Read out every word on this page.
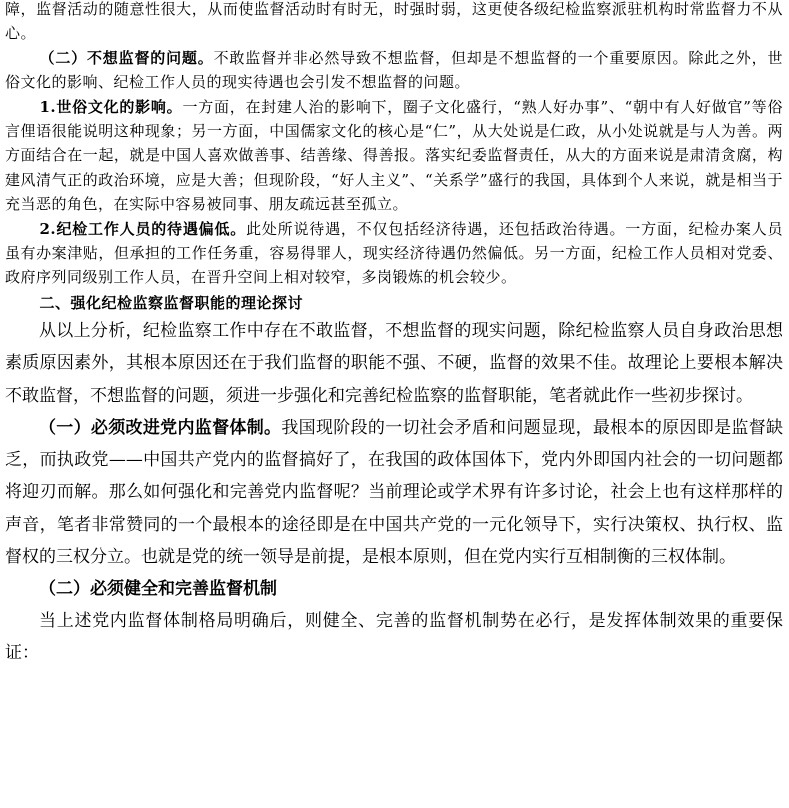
障，监督活动的随意性很大，从而使监督活动时有时无，时强时弱，这更使各级纪检监察派驻机构时常监督力不从心。

（二）不想监督的问题。不敢监督并非必然导致不想监督，但却是不想监督的一个重要原因。除此之外，世俗文化的影响、纪检工作人员的现实待遇也会引发不想监督的问题。

1.世俗文化的影响。一方面，在封建人治的影响下，圈子文化盛行，“熟人好办事”、“朝中有人好做官”等俗言俚语很能说明这种现象；另一方面，中国儒家文化的核心是“仁”，从大处说是仁政，从小处说就是与人为善。两方面结合在一起，就是中国人喜欢做善事、结善缘、得善报。落实纪委监督责任，从大的方面来说是肃清贪腐，构建风清气正的政治环境，应是大善；但现阶段，“好人主义”、“关系学”盛行的我国，具体到个人来说，就是相当于充当恶的角色，在实际中容易被同事、朋友疏远甚至孤立。

2.纪检工作人员的待遇偏低。此处所说待遇，不仅包括经济待遇，还包括政治待遇。一方面，纪检办案人员虽有办案津贴，但承担的工作任务重，容易得罪人，现实经济待遇仍然偏低。另一方面，纪检工作人员相对党委、政府序列同级别工作人员，在晋升空间上相对较窄，多岗锻炼的机会较少。

二、强化纪检监察监督职能的理论探讨

从以上分析，纪检监察工作中存在不敢监督，不想监督的现实问题，除纪检监察人员自身政治思想素质原因素外，其根本原因还在于我们监督的职能不强、不硬，监督的效果不佳。故理论上要根本解决不敢监督，不想监督的问题，须进一步强化和完善纪检监察的监督职能，笔者就此作一些初步探讨。

（一）必须改进党内监督体制。我国现阶段的一切社会矛盾和问题显现，最根本的原因即是监督缺乏，而执政党——中国共产党内的监督搞好了，在我国的政体国体下，党内外即国内社会的一切问题都将迎刃而解。那么如何强化和完善党内监督呢？当前理论或学术界有许多讨论，社会上也有这样那样的声音，笔者非常赞同的一个最根本的途径即是在中国共产党的一元化领导下，实行决策权、执行权、监督权的三权分立。也就是党的统一领导是前提，是根本原则，但在党内实行互相制衡的三权体制。

（二）必须健全和完善监督机制

当上述党内监督体制格局明确后，则健全、完善的监督机制势在必行，是发挥体制效果的重要保证：
